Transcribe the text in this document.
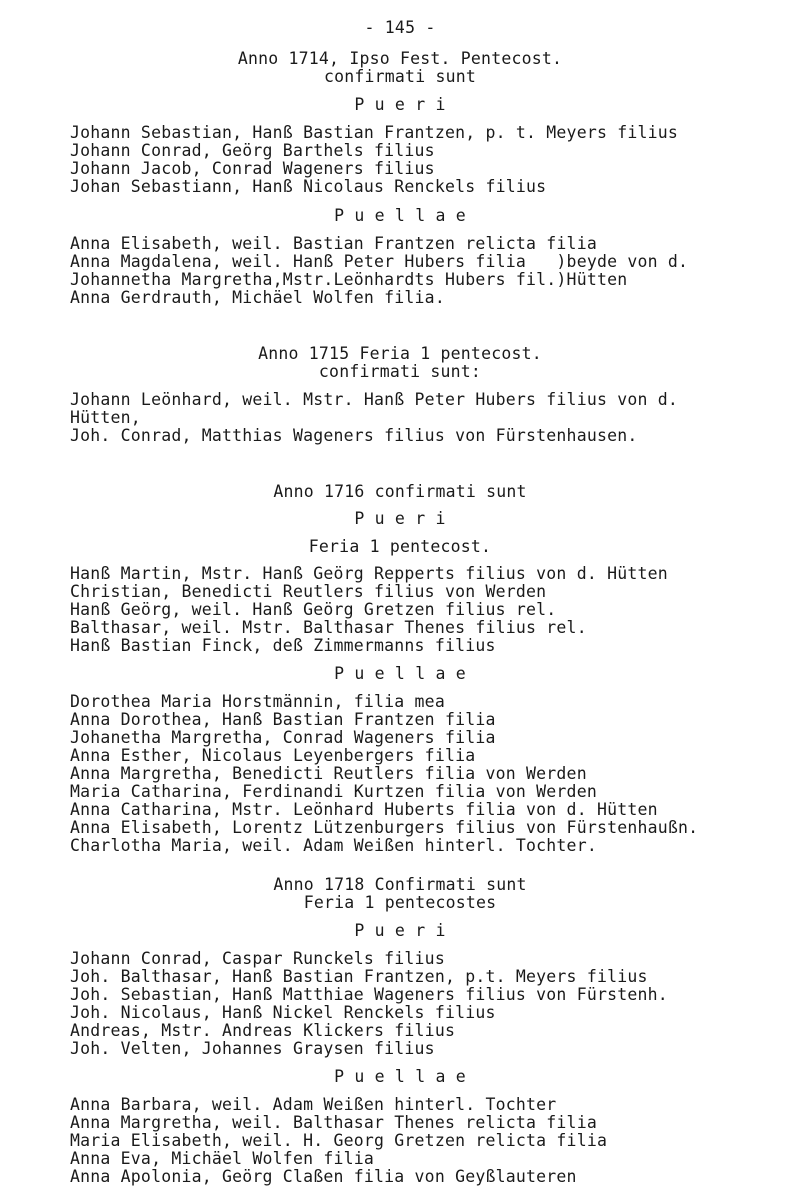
- 145 -
Anno 1714, Ipso Fest. Pentecost.
confirmati sunt
P u e r i
Johann Sebastian, Hanß Bastian Frantzen, p. t. Meyers filius
Johann Conrad, Geörg Barthels filius
Johann Jacob, Conrad Wageners filius
Johan Sebastiann, Hanß Nicolaus Renckels filius
P u e l l a e
Anna Elisabeth, weil. Bastian Frantzen relicta filia
Anna Magdalena, weil. Hanß Peter Hubers filia   )beyde von d.
Johannetha Margretha,Mstr.Leönhardts Hubers fil.)Hütten
Anna Gerdrauth, Michäel Wolfen filia.
Anno 1715 Feria 1 pentecost.
confirmati sunt:
Johann Leönhard, weil. Mstr. Hanß Peter Hubers filius von d.
Hütten,
Joh. Conrad, Matthias Wageners filius von Fürstenhausen.
Anno 1716 confirmati sunt
P u e r i
Feria 1 pentecost.
Hanß Martin, Mstr. Hanß Geörg Repperts filius von d. Hütten
Christian, Benedicti Reutlers filius von Werden
Hanß Geörg, weil. Hanß Geörg Gretzen filius rel.
Balthasar, weil. Mstr. Balthasar Thenes filius rel.
Hanß Bastian Finck, deß Zimmermanns filius
P u e l l a e
Dorothea Maria Horstmännin, filia mea
Anna Dorothea, Hanß Bastian Frantzen filia
Johanetha Margretha, Conrad Wageners filia
Anna Esther, Nicolaus Leyenbergers filia
Anna Margretha, Benedicti Reutlers filia von Werden
Maria Catharina, Ferdinandi Kurtzen filia von Werden
Anna Catharina, Mstr. Leönhard Huberts filia von d. Hütten
Anna Elisabeth, Lorentz Lützenburgers filius von Fürstenhaußn.
Charlotha Maria, weil. Adam Weißen hinterl. Tochter.
Anno 1718 Confirmati sunt
Feria 1 pentecostes
P u e r i
Johann Conrad, Caspar Runckels filius
Joh. Balthasar, Hanß Bastian Frantzen, p.t. Meyers filius
Joh. Sebastian, Hanß Matthiae Wageners filius von Fürstenh.
Joh. Nicolaus, Hanß Nickel Renckels filius
Andreas, Mstr. Andreas Klickers filius
Joh. Velten, Johannes Graysen filius
P u e l l a e
Anna Barbara, weil. Adam Weißen hinterl. Tochter
Anna Margretha, weil. Balthasar Thenes relicta filia
Maria Elisabeth, weil. H. Georg Gretzen relicta filia
Anna Eva, Michäel Wolfen filia
Anna Apolonia, Geörg Claßen filia von Geyßlauteren
